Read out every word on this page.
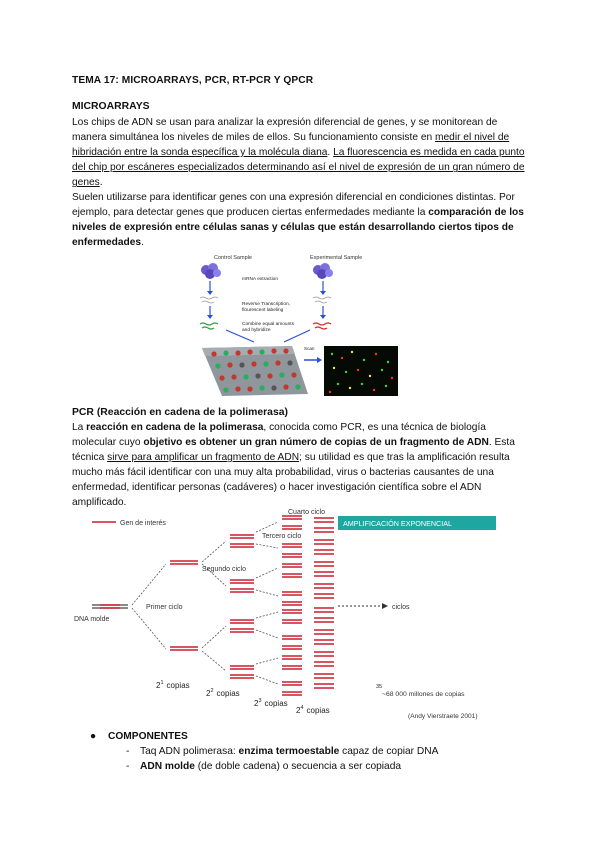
TEMA 17: MICROARRAYS, PCR, RT-PCR Y QPCR
MICROARRAYS
Los chips de ADN se usan para analizar la expresión diferencial de genes, y se monitorean de manera simultánea los niveles de miles de ellos. Su funcionamiento consiste en medir el nivel de hibridación entre la sonda específica y la molécula diana. La fluorescencia es medida en cada punto del chip por escáneres especializados determinando así el nivel de expresión de un gran número de genes.
Suelen utilizarse para identificar genes con una expresión diferencial en condiciones distintas. Por ejemplo, para detectar genes que producen ciertas enfermedades mediante la comparación de los niveles de expresión entre células sanas y células que están desarrollando ciertos tipos de enfermedades.
Control Sample	Experimental Sample
mRNA extraction
Reverse Transcription,
flourescent labeling
Combine equal amounts
and hybridize
Scan
PCR (Reacción en cadena de la polimerasa)
La reacción en cadena de la polimerasa, conocida como PCR, es una técnica de biología molecular cuyo objetivo es obtener un gran número de copias de un fragmento de ADN. Esta técnica sirve para amplificar un fragmento de ADN; su utilidad es que tras la amplificación resulta mucho más fácil identificar con una muy alta probabilidad, virus o bacterias causantes de una enfermedad, identificar personas (cadáveres) o hacer investigación científica sobre el ADN amplificado.
Gen de interés
DNA molde
Primer ciclo
Segundo ciclo
Tercero ciclo
Cuarto ciclo
AMPLIFICACIÓN EXPONENCIAL
ciclos
$2^1$ copias
$2^2$ copias
$2^3$ copias
$2^4$ copias
35
~68 000 millones de copias
(Andy Vierstraete 2001)
● COMPONENTES
- Taq ADN polimerasa: enzima termoestable capaz de copiar DNA
- ADN molde (de doble cadena) o secuencia a ser copiada
